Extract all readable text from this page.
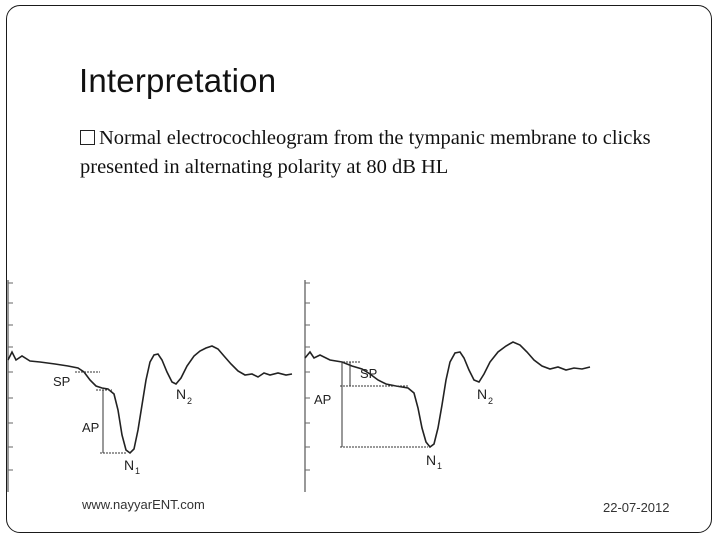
Interpretation
Normal electrocochleogram from the tympanic membrane to clicks presented in alternating polarity at 80 dB HL
SP
AP
N 1
N 2
SP
AP
N 1
N 2
www.nayyarENT.com	22-07-2012
